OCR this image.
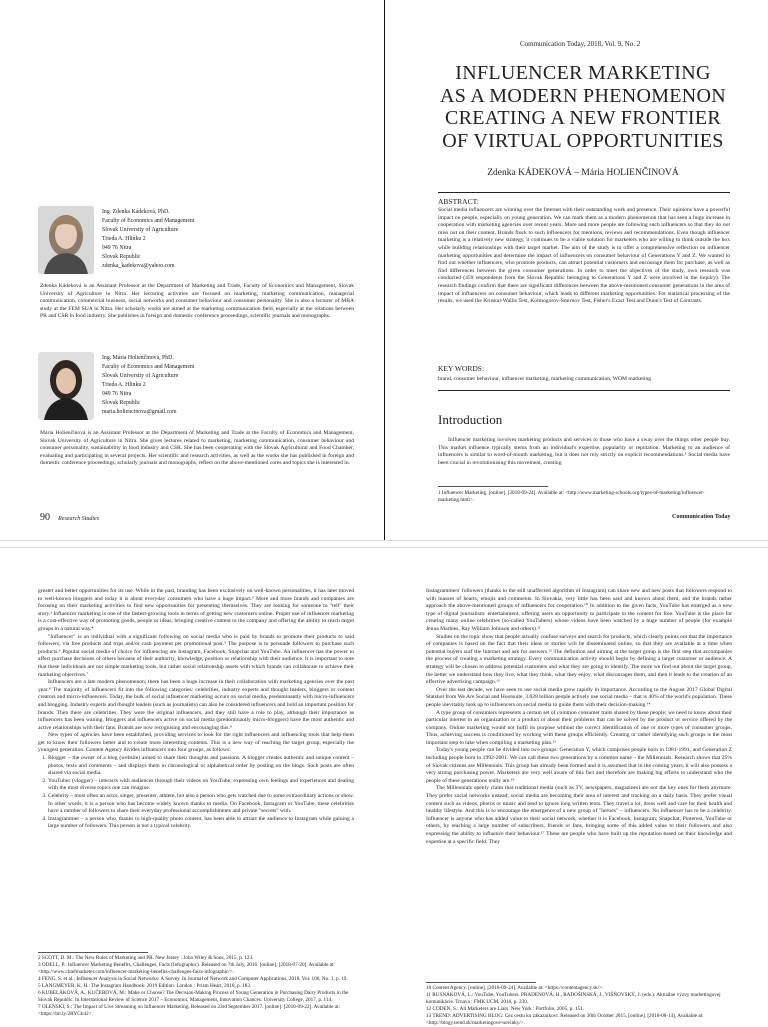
Ing. Zdenka Kádeková, PhD.
Faculty of Economics and Management
Slovak University of Agriculture
Trieda A. Hlinku 2
949 76 Nitra
Slovak Republic
zdenka_kadekova@yahoo.com
Zdenka Kádeková is an Assistant Professor at the Department of Marketing and Trade, Faculty of Economics and Management, Slovak University of Agriculture in Nitra. Her lecturing activities are focused on marketing, marketing communication, managerial communication, commercial business, social networks and consumer behaviour and consumer personality. She is also a lecturer of MBA study at the FEM SUA in Nitra. Her scholarly works are aimed at the marketing communication field, especially at the relations between PR and CSR in food industry. She publishes in foreign and domestic conference proceedings, scientific journals and monographs.
Ing. Mária Holienčinová, PhD.
Faculty of Economics and Management
Slovak University of Agriculture
Trieda A. Hlinku 2
949 76 Nitra
Slovak Republic
maria.holiencinova@gmail.com
Mária Holienčinová is an Assistant Professor at the Department of Marketing and Trade at the Faculty of Economics and Management, Slovak University of Agriculture in Nitra. She gives lectures related to marketing, marketing communication, consumer behaviour and consumer personality, sustainability in food industry and CSR. She has been cooperating with the Slovak Agricultural and Food Chamber, evaluating and participating in several projects. Her scientific and research activities, as well as the works she has published in foreign and domestic conference proceedings, scholarly journals and monographs, reflect on the above-mentioned cores and topics she is interested in.
90 Research Studies
Communication Today, 2018, Vol. 9, No. 2
INFLUENCER MARKETING
AS A MODERN PHENOMENON
CREATING A NEW FRONTIER
OF VIRTUAL OPPORTUNITIES
Zdenka KÁDEKOVÁ – Mária HOLIENČINOVÁ
ABSTRACT:
Social media influencers are winning over the Internet with their outstanding work and presence. Their opinions have a powerful impact on people, especially on young generation. We can mark them as a modern phenomenon that has seen a huge increase in cooperation with marketing agencies over recent years. More and more people are following such influencers so that they do not miss out on their content. Brands flock to such influencers for mentions, reviews and recommendations. Even though influencer marketing is a relatively new strategy, it continues to be a viable solution for marketers who are willing to think outside the box while building relationships with their target market. The aim of the study is to offer a comprehensive reflection on influencer marketing opportunities and determine the impact of influencers on consumer behaviour of Generations Y and Z. We wanted to find out whether influencers, who promote products, can attract potential customers and encourage them for purchase, as well as find differences between the given consumer generations. In order to meet the objectives of the study, own research was conducted (459 respondents from the Slovak Republic belonging to Generations Y and Z were involved in the inquiry). The research findings confirm that there are significant differences between the above-mentioned consumer generations in the area of impact of influencers on consumer behaviour, which leads to different marketing opportunities. For statistical processing of the results, we used the Kruskal-Wallis Test, Kolmogorov-Smirnov Test, Fisher's Exact Test and Dunn's Test of Contrasts.
KEY WORDS:
brand, consumer behaviour, influencer marketing, marketing communication, WOM marketing
Introduction

Influencer marketing involves marketing products and services to those who have a sway over the things other people buy. This market influence typically stems from an individual's expertise, popularity or reputation. Marketing to an audience of influencers is similar to word-of-mouth marketing, but it does not rely strictly on explicit recommendations.¹ Social media have been crucial in revolutionising this movement, creating

1 Influencer Marketing. [online]. [2018-09-24]. Available at: <http://www.marketing-schools.org/types-of-marketing/influencer-marketing.html>.
Communication Today

greater and better opportunities for its use. While in the past, branding has been exclusively on well-known personalities, it has later moved to well-known bloggers and today it is about everyday consumers who have a huge impact.² More and more brands and companies are focusing on their marketing activities to find new opportunities for presenting themselves. They are looking for someone to "tell" their story.³ Influencer marketing is one of the fastest-growing tools in terms of getting new customers online. Proper use of influencer marketing is a cost-effective way of promoting goods, people or ideas, bringing creative content to the company and offering the ability to reach target groups in a natural way.⁴

"Influencer" is an individual with a significant following on social media who is paid by brands to promote their products to said followers, via free products and trips and/or cash payment per promotional post.⁵ The purpose is to persuade followers to purchase such products.⁶ Popular social media of choice for influencing are Instagram, Facebook, Snapchat and YouTube. An influencer has the power to affect purchase decisions of others because of their authority, knowledge, position or relationship with their audience. It is important to note that these individuals are not simple marketing tools, but rather social relationship assets with which brands can collaborate to achieve their marketing objectives.⁷

Influencers are a late modern phenomenon; there has been a huge increase in their collaboration with marketing agencies over the past year.⁸ The majority of influencers fit into the following categories: celebrities, industry experts and thought leaders, bloggers or content creators and micro-influencers. Today, the bulk of social influencer marketing occurs on social media, predominantly with micro-influencers and blogging. Industry experts and thought leaders (such as journalists) can also be considered influencers and hold an important position for brands. Then there are celebrities. They were the original influencers, and they still have a role to play, although their importance as influencers has been waning. Bloggers and influencers active on social media (predominantly micro-bloggers) have the most authentic and active relationships with their fans. Brands are now recognising and encouraging this.⁹

New types of agencies have been established, providing services to look for the right influencers and influencing tools that help them get to know their followers better and to create more interesting contents. This is a new way of reaching the target group, especially the youngest generation. Content Agency divides influencers into four groups, as follows:

1. Blogger – the owner of a blog (website) aimed to share their thoughts and passions. A blogger creates authentic and unique content – photos, texts and comments – and displays them in chronological or alphabetical order by posting on the blogs. Such posts are often shared via social media.
2. YouTuber (vlogger) – interacts with audiences through their videos on YouTube; expressing own feelings and experiences and dealing with the most diverse topics one can imagine.
3. Celebrity – most often an actor, singer, presenter, athlete, but also a person who gets watched due to some extraordinary actions or show. In other words, it is a person who has become widely known thanks to media. On Facebook, Instagram or YouTube, these celebrities have a number of followers to share their everyday professional accomplishments and private "secrets" with.
4. Instagrammer – a person who, thanks to high-quality photo content, has been able to attract the audience to Instagram while gaining a large number of followers. This person is not a typical celebrity.
2 SCOTT, D. M.: The New Rules of Marketing and PR. New Jersey : John Wiley & Sons, 2015, p. 123.
3 ODELL, P.: Influencer Marketing Benefits, Challenges, Facts (Infographic). Released on 7th July, 2016. [online]. [2018-07-20]. Available at: <http://www.chiefmarketer.com/influencer-marketing-benefits-challenges-facts-infographic/>.
4 FENG, S. et al.: Influencer Analysis in Social Networks: A Survey. In Journal of Network and Computer Applications, 2018, Vol. 106, No. 1, p. 19.
5 LANGMEYER, K. H.: The Instagram Handbook: 2019 Edition. London : Prism Heart, 2018, p. 183.
6 KUBELÁKOVÁ, A., KUČEROVÁ, M.: Make or Choose? The Decision-Making Process of Young Generation in Purchasing Dairy Products in the Slovak Republic. In International Review of Science 2017 – Economics, Management, Innovation Chances. University College, 2017, p. 114.
7 OLENSKI, S.: The Impact of Live Streaming on Influencer Marketing. Released on 23rd September 2017. [online]. [2018-09-22]. Available at: <https://bit.ly/2RYGh42>.

Instagrammers' followers (thanks to the still unaffected algorithm of Instagram) can share new and new posts that followers respond to with masses of hearts, emojis and comments. In Slovakia, very little has been said and known about them, and the brands rather approach the above-mentioned groups of influencers for cooperation.¹⁰ In addition to the given facts, YouTube has emerged as a new type of digital journalism: entertainment, offering users an opportunity to participate in the content for free. YouTube is the place for creating many online celebrities (so-called YouTubers) whose videos have been watched by a huge number of people (for example Jenna Marbles, Ray William Johnson and others).¹¹

Studies on the topic show that people actually confuse surveys and search for products, which clearly points out that the importance of companies is based on the fact that their ideas or stories will be disseminated online, so that they are available at a time when potential buyers surf the Internet and ask for answers.¹² The definition and aiming at the target group is the first step that accompanies the process of creating a marketing strategy. Every communication activity should begin by defining a target customer or audience. A strategy will be chosen to address potential customers and what they are going to identify. The more we find out about the target group, the better we understand how they live, what they think, what they enjoy, what discourages them, and then it leads to the creation of an effective advertising campaign.¹³

Over the last decade, we have seen to use social media grow rapidly in importance. According to the August 2017 Global Digital Statshot from We Are Social and Hootsuite, 3.028 billion people actively use social media – that is 40% of the world's population. These people inevitably look up to influencers on social media to guide them with their decision-making.¹⁴

A type group of consumers represents a certain set of common consumer traits shared by these people; we need to know about their particular interest in an organization or a product or about their problems that can be solved by the product or service offered by the company. Online marketing would not fulfil its purpose without the correct identification of one or more types of consumer groups. Thus, achieving success is conditioned by working with these groups efficiently. Creating or rather identifying such groups is the most important step to take when compiling a marketing plan.¹⁵

Today's young people can be divided into two groups: Generation Y, which comprises people born in 1981-1991, and Generation Z including people born in 1992-2001. We can call these two generations by a common name – the Millennials. Research shows that 25% of Slovak citizens are Millennials. This group has already been formed and it is assumed that in the coming years, it will also possess a very strong purchasing power. Marketers are very well aware of this fact and therefore are making big efforts to understand who the people of these generations really are.¹⁶

The Millennials openly claim that traditional media (such as TV, newspapers, magazines) are not the key ones for them anymore. They prefer social networks instead; social media are becoming their area of interest and tracking on a daily basis. They prefer visual content such as videos, photos or music and tend to ignore long written texts. They travel a lot, dress well and care for their health and healthy lifestyle. And this is to encourage the emergence of a new group of "heroes" – influencers. No influencer has to be a celebrity. Influencer is anyone who has added value to their social network, whether it is Facebook, Instagram, Snapchat, Pinterest, YouTube or others, by reaching a large number of subscribers, friends or fans, bringing some of this added value to their followers and also expressing the ability to influence their behaviour.¹⁷ These are people who have built up the reputation based on their knowledge and expertise at a specific field. They

10 Content Agency. [online]. [2018-09-24]. Available at: <https://contentagency.sk/>.
11 RUSNÁKOVÁ, L.: YouTube, YouTubers. PRADENOVÁ, H., RADOŠINSKÁ, J., VIŠŇOVSKÝ, J. (eds.): Aktuálne výzvy marketingovej komunikácie. Trnava : FMK UCM, 2016, p. 230.
12 CODEN, S.: All Marketers are Liars. New York : Portfolio, 2005, p. 151.
13 TREND: ADVERTISING BLOG: Cez cestu ku zákazníkovi. Released on 30th October 2015. [online]. [2018-08-14]. Available at: <http://blogy.trend.sk/marketingove-novinky/>.
